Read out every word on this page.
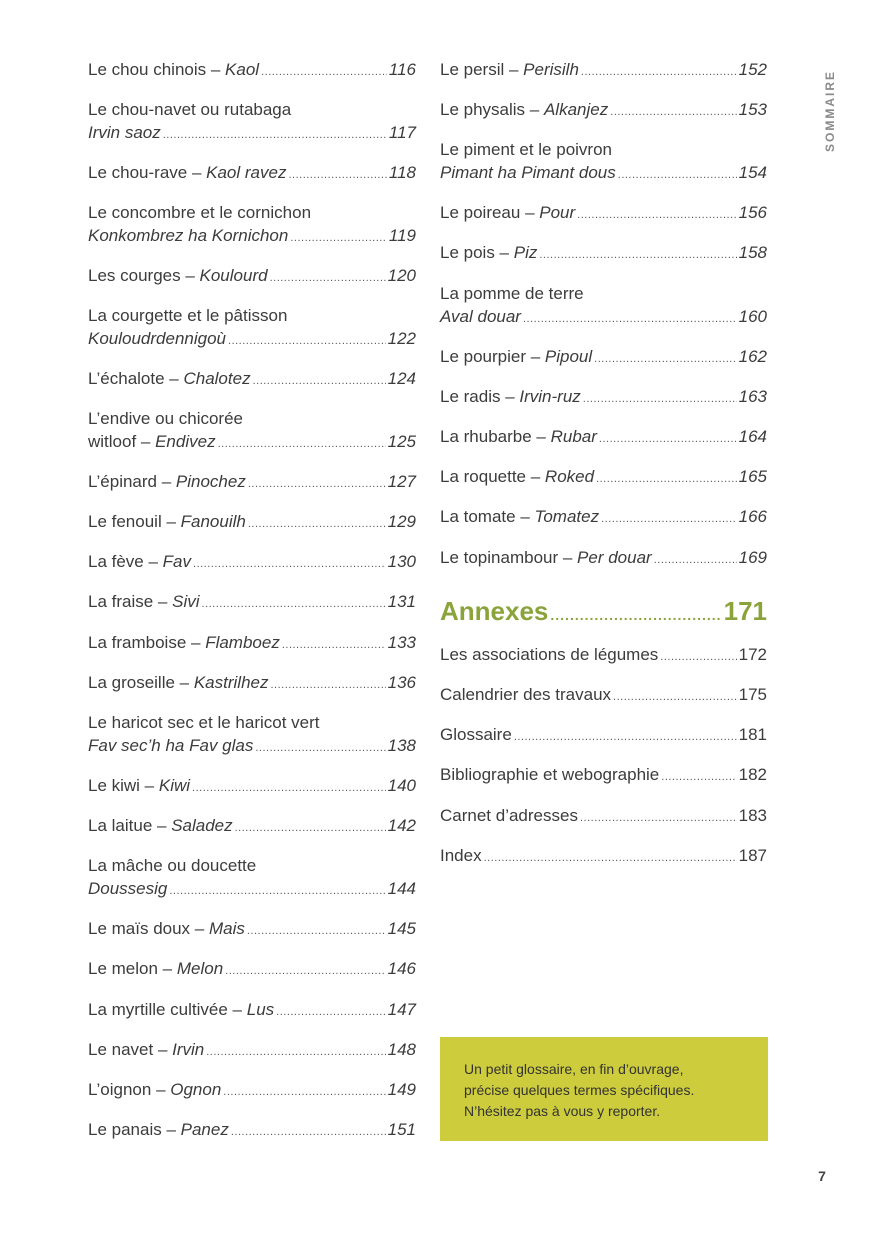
SOMMAIRE
Le chou chinois – Kaol .....	116
Le chou-navet ou rutabaga
Irvin saoz .....	117
Le chou-rave – Kaol ravez .....	118
Le concombre et le cornichon
Konkombrez ha Kornichon .....	119
Les courges – Koulourd .....	120
La courgette et le pâtisson
Kouloudrdennigoù .....	122
L’échalote – Chalotez .....	124
L’endive ou chicorée
witloof – Endivez .....	125
L’épinard – Pinochez .....	127
Le fenouil – Fanouilh .....	129
La fève – Fav .....	130
La fraise – Sivi .....	131
La framboise – Flamboez .....	133
La groseille – Kastrilhez .....	136
Le haricot sec et le haricot vert
Fav sec’h ha Fav glas .....	138
Le kiwi – Kiwi .....	140
La laitue – Saladez .....	142
La mâche ou doucette
Doussesig .....	144
Le maïs doux – Mais .....	145
Le melon – Melon .....	146
La myrtille cultivée – Lus .....	147
Le navet – Irvin .....	148
L’oignon – Ognon .....	149
Le panais – Panez .....	151
Annexes .....	171
Le persil – Perisilh .....	152
Le physalis – Alkanjez .....	153
Le piment et le poivron
Pimant ha Pimant dous .....	154
Le poireau – Pour .....	156
Le pois – Piz .....	158
La pomme de terre
Aval douar .....	160
Le pourpier – Pipoul .....	162
Le radis – Irvin-ruz .....	163
La rhubarbe – Rubar .....	164
La roquette – Roked .....	165
La tomate – Tomatez .....	166
Le topinambour – Per douar .....	169
Les associations de légumes .....	172
Calendrier des travaux .....	175
Glossaire .....	181
Bibliographie et webographie .....	182
Carnet d’adresses .....	183
Index .....	187
Un petit glossaire, en fin d’ouvrage,
précise quelques termes spécifiques.
N’hésitez pas à vous y reporter.
7
